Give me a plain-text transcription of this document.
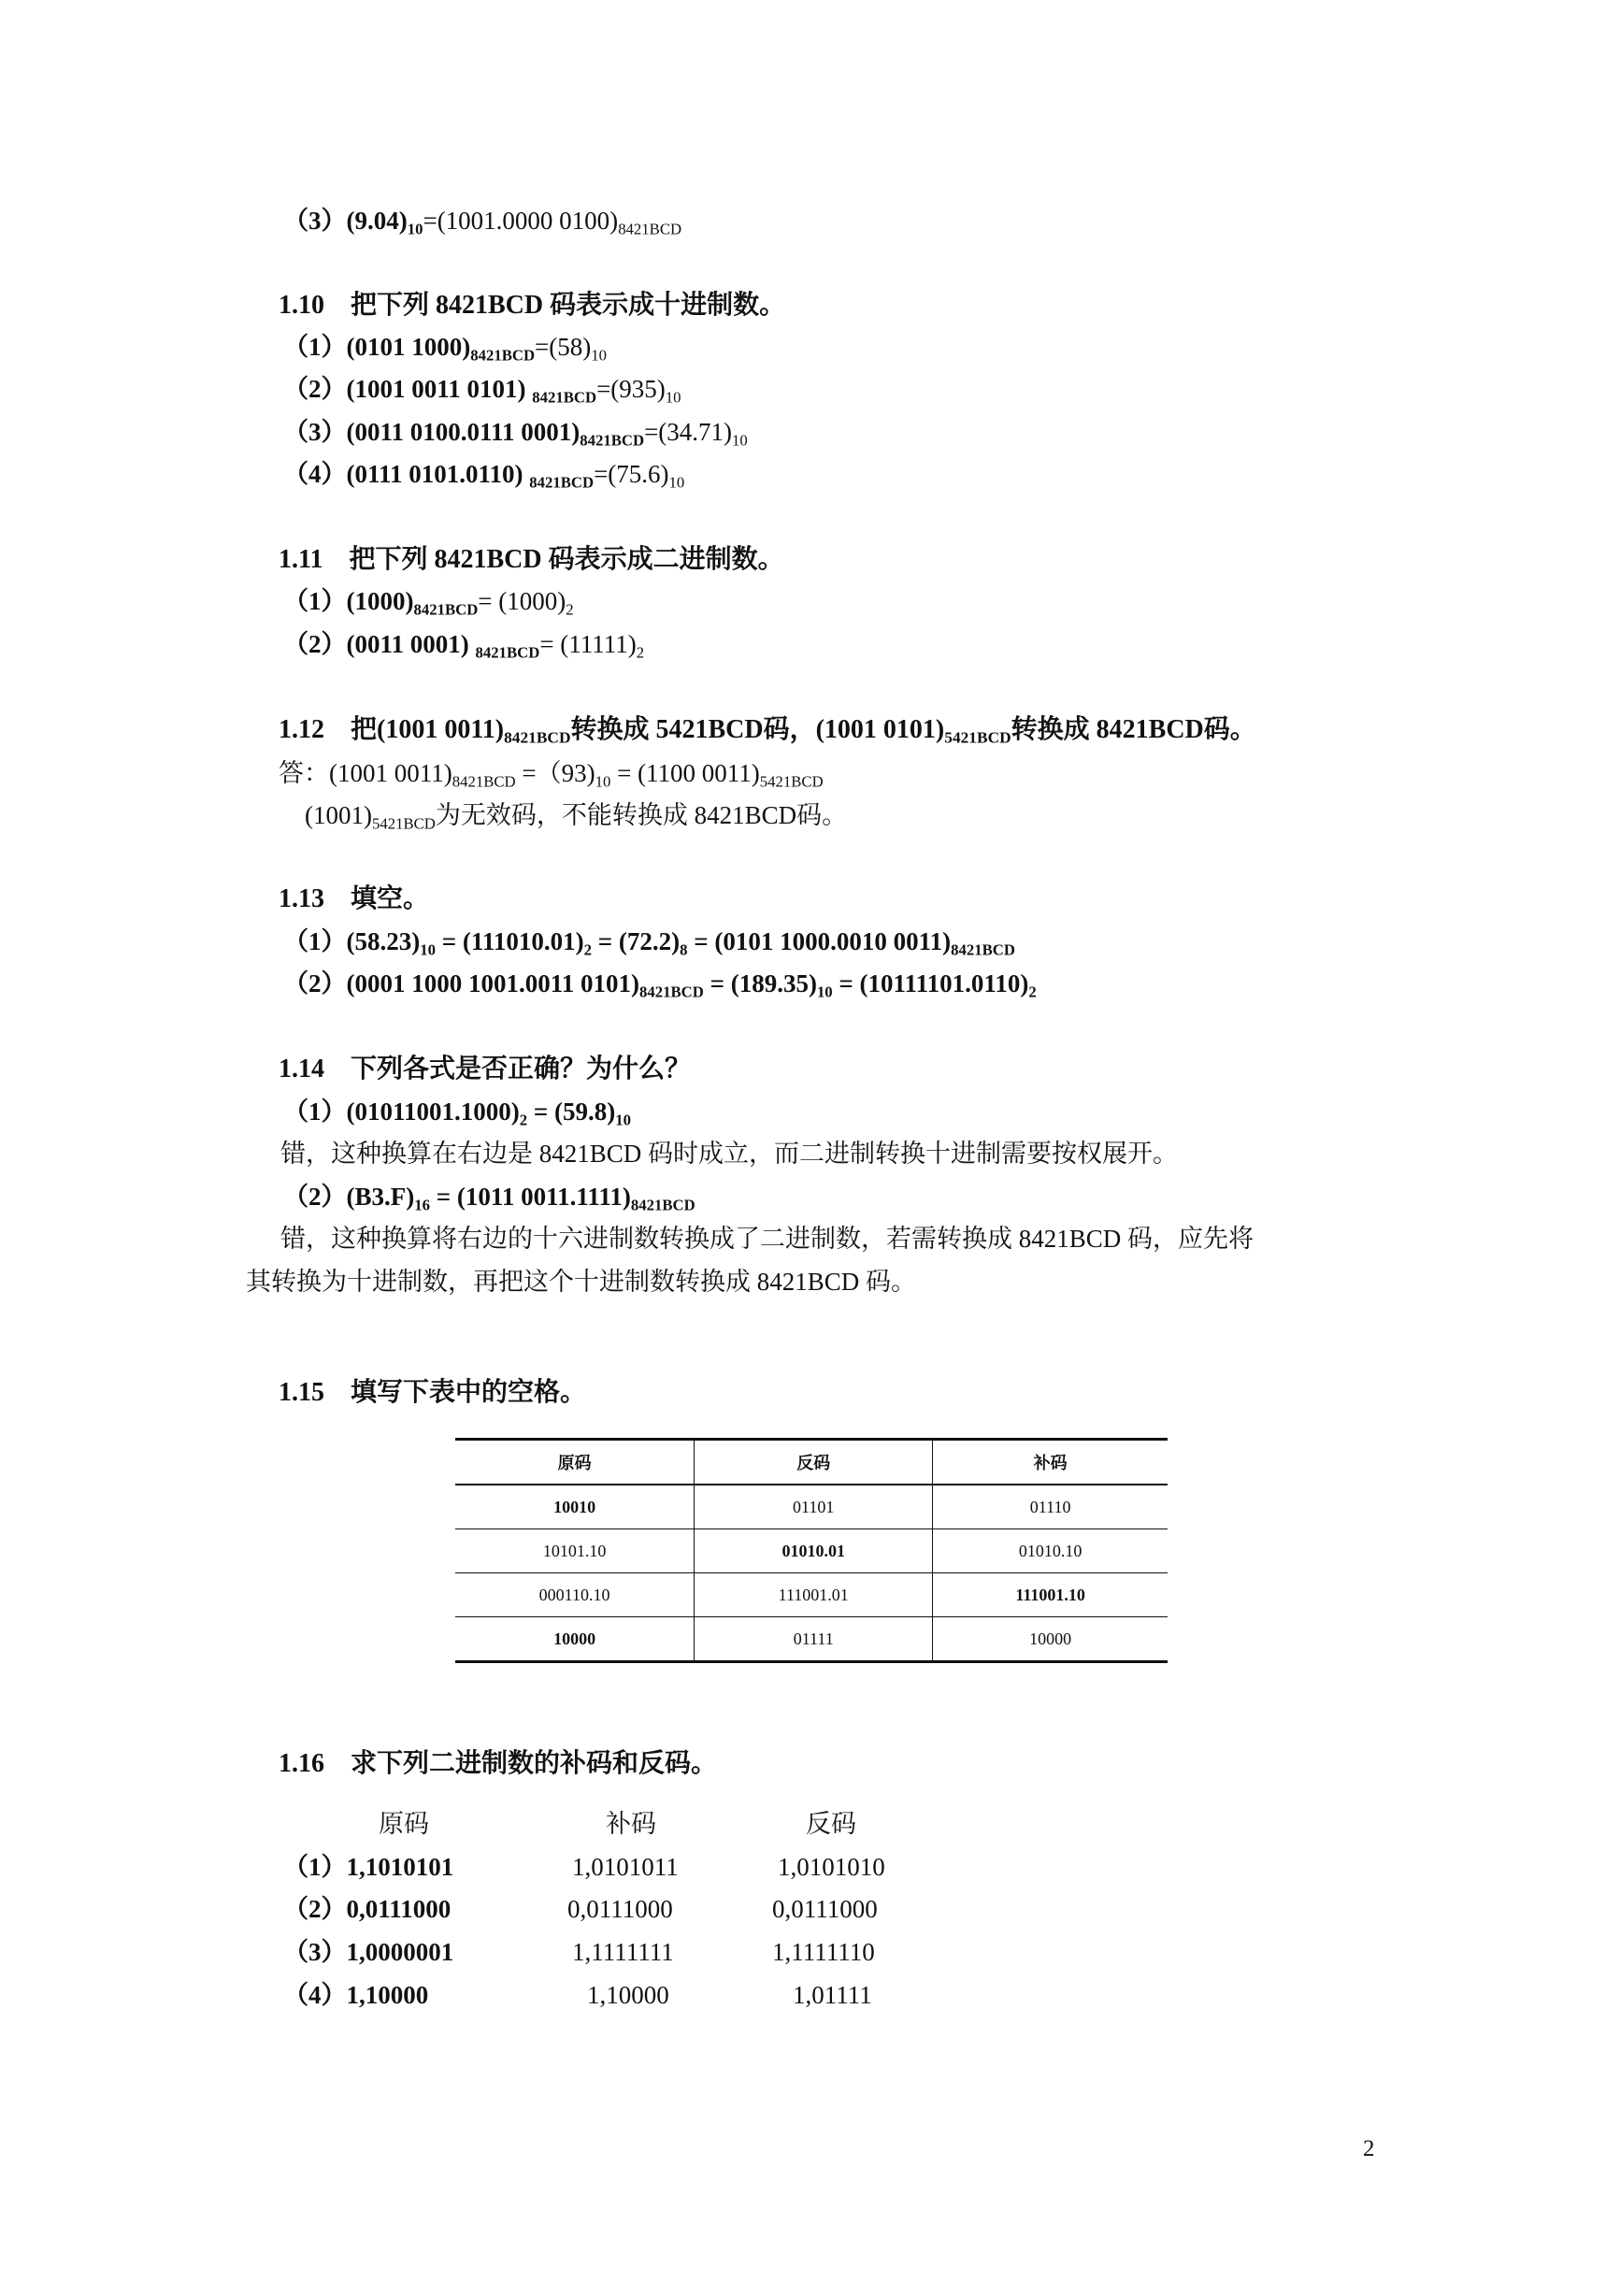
$(3)(9.04)_{10}=(1001.0000$ $0100)_{8421BCD}$
1.10　把下列 8421BCD 码表示成十进制数。
（1）(0101 $1000)_{8421BCD}=(58)_{10}$
（2）(1001 0011 0101) $_{8421BCD}=(935)_{10}$
（3）(0011 0100.0111 $0001)_{8421BCD}=(34.71)_{10}$
（4）(0111 0101.0110) $_{8421BCD}=(75.6)_{10}$
1.11　把下列 8421BCD 码表示成二进制数。
$(1)(1000)_{8421BCD}= (1000)_2$
（2）(0011 0001) $_{8421BCD}= (11111)_2$
1.12　把(1001 $0011)_{8421BCD}$转换成 5421BCD码，(1001 $0101)_{5421BCD}$转换成 8421BCD码。
答：(1001 $0011)_{8421BCD} =(93)_{10} = (1100$ $0011)_{5421BCD}$
$(1001)_{5421BCD}$为无效码，不能转换成 8421BCD码。
1.13　填空。
$(1)(58.23)_{10} = (111010.01)_2 = (72.2)_8 = (0101$ 1000.0010 $0011)_{8421BCD}$
（2）(0001 1000 1001.0011 $0101)_{8421BCD} = (189.35)_{10} = (10111101.0110)_2$
1.14　下列各式是否正确？为什么？
$(1)(01011001.1000)_2 = (59.8)_{10}$
错，这种换算在右边是 8421BCD 码时成立，而二进制转换十进制需要按权展开。
$(2)(B3.F)_{16} = (1011$ $0011.1111)_{8421BCD}$
错，这种换算将右边的十六进制数转换成了二进制数，若需转换成 8421BCD 码，应先将
其转换为十进制数，再把这个十进制数转换成 8421BCD 码。
1.15　填写下表中的空格。
原码	反码	补码
10010	01101	01110
10101.10	01010.01	01010.10
000110.10	111001.01	111001.10
10000	01111	10000
1.16　求下列二进制数的补码和反码。
原码	补码	反码
（1）1,1010101	1,0101011	1,0101010
（2）0,0111000	0,0111000	0,0111000
（3）1,0000001	1,1111111	1,1111110
（4）1,10000	1,10000	1,01111
2
